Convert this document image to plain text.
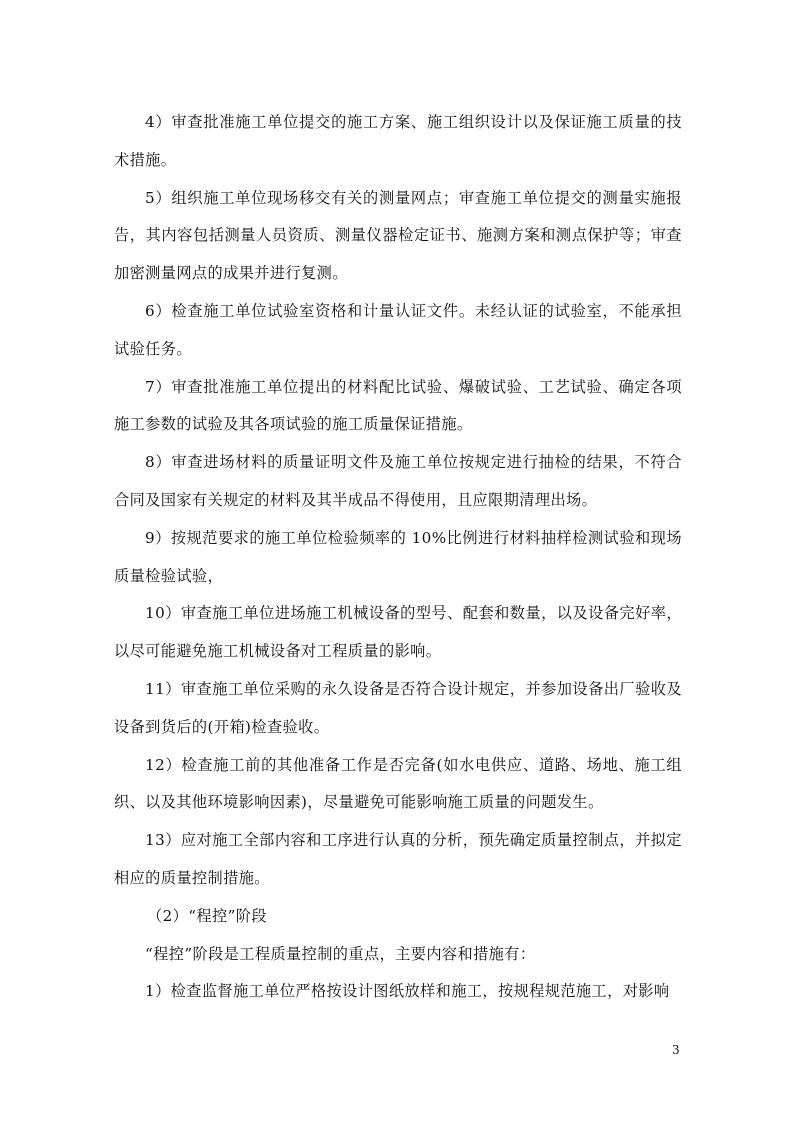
4）审查批准施工单位提交的施工方案、施工组织设计以及保证施工质量的技术措施。

5）组织施工单位现场移交有关的测量网点；审查施工单位提交的测量实施报告，其内容包括测量人员资质、测量仪器检定证书、施测方案和测点保护等；审查加密测量网点的成果并进行复测。

6）检查施工单位试验室资格和计量认证文件。未经认证的试验室，不能承担试验任务。

7）审查批准施工单位提出的材料配比试验、爆破试验、工艺试验、确定各项施工参数的试验及其各项试验的施工质量保证措施。

8）审查进场材料的质量证明文件及施工单位按规定进行抽检的结果，不符合合同及国家有关规定的材料及其半成品不得使用，且应限期清理出场。

9）按规范要求的施工单位检验频率的 10%比例进行材料抽样检测试验和现场质量检验试验，

10）审查施工单位进场施工机械设备的型号、配套和数量，以及设备完好率，以尽可能避免施工机械设备对工程质量的影响。

11）审查施工单位采购的永久设备是否符合设计规定，并参加设备出厂验收及设备到货后的(开箱)检查验收。

12）检查施工前的其他准备工作是否完备(如水电供应、道路、场地、施工组织、以及其他环境影响因素)，尽量避免可能影响施工质量的问题发生。

13）应对施工全部内容和工序进行认真的分析，预先确定质量控制点，并拟定相应的质量控制措施。

（2）“程控”阶段

“程控”阶段是工程质量控制的重点，主要内容和措施有：

1）检查监督施工单位严格按设计图纸放样和施工，按规程规范施工，对影响

3
